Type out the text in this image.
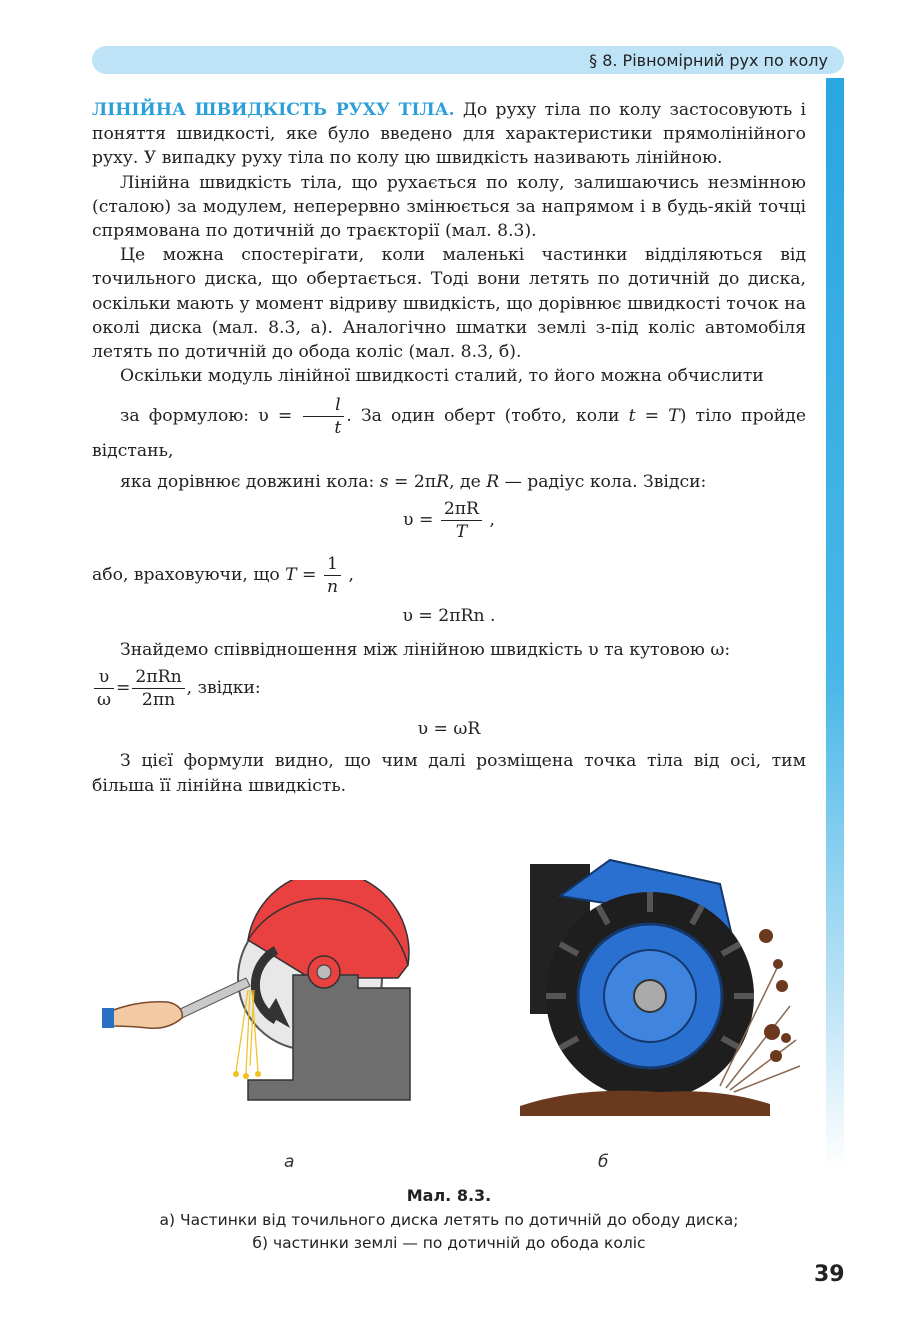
§ 8. Рівномірний рух по колу

ЛІНІЙНА ШВИДКІСТЬ РУХУ ТІЛА. До руху тіла по колу застосовують і поняття швидкості, яке було введено для характеристики прямолінійного руху. У випадку руху тіла по колу цю швидкість називають лінійною.

Лінійна швидкість тіла, що рухається по колу, залишаючись незмінною (сталою) за модулем, неперервно змінюється за напрямом і в будь-якій точці спрямована по дотичній до траєкторії (мал. 8.3).

Це можна спостерігати, коли маленькі частинки відділяються від точильного диска, що обертається. Тоді вони летять по дотичній до диска, оскільки мають у момент відриву швидкість, що дорівнює швидкості точок на околі диска (мал. 8.3, а). Аналогічно шматки землі з-під коліс автомобіля летять по дотичній до обода коліс (мал. 8.3, б).

Оскільки модуль лінійної швидкості сталий, то його можна обчислити
за формулою: $\upsilon = \frac{l}{t}$ . За один оберт (тобто, коли t = T) тіло пройде відстань,
яка дорівнює довжині кола: s = 2πR, де R — радіус кола. Звідси:

$\upsilon = \frac{2\pi R}{T}$ ,

або, враховуючи, що $T = \frac{1}{n}$ ,

υ = 2πRn .

Знайдемо співвідношення між лінійною швидкість υ та кутовою ω:

$\frac{\upsilon}{\omega} = \frac{\text{2πRn}}{2\pi n}$ , звідки:
υ = ωR

З цієї формули видно, що чим далі розміщена точка тіла від осі, тим більша її лінійна швидкість.

а	б
Мал. 8.3.
а) Частинки від точильного диска летять по дотичній до ободу диска;
б) частинки землі — по дотичній до обода коліс
39
